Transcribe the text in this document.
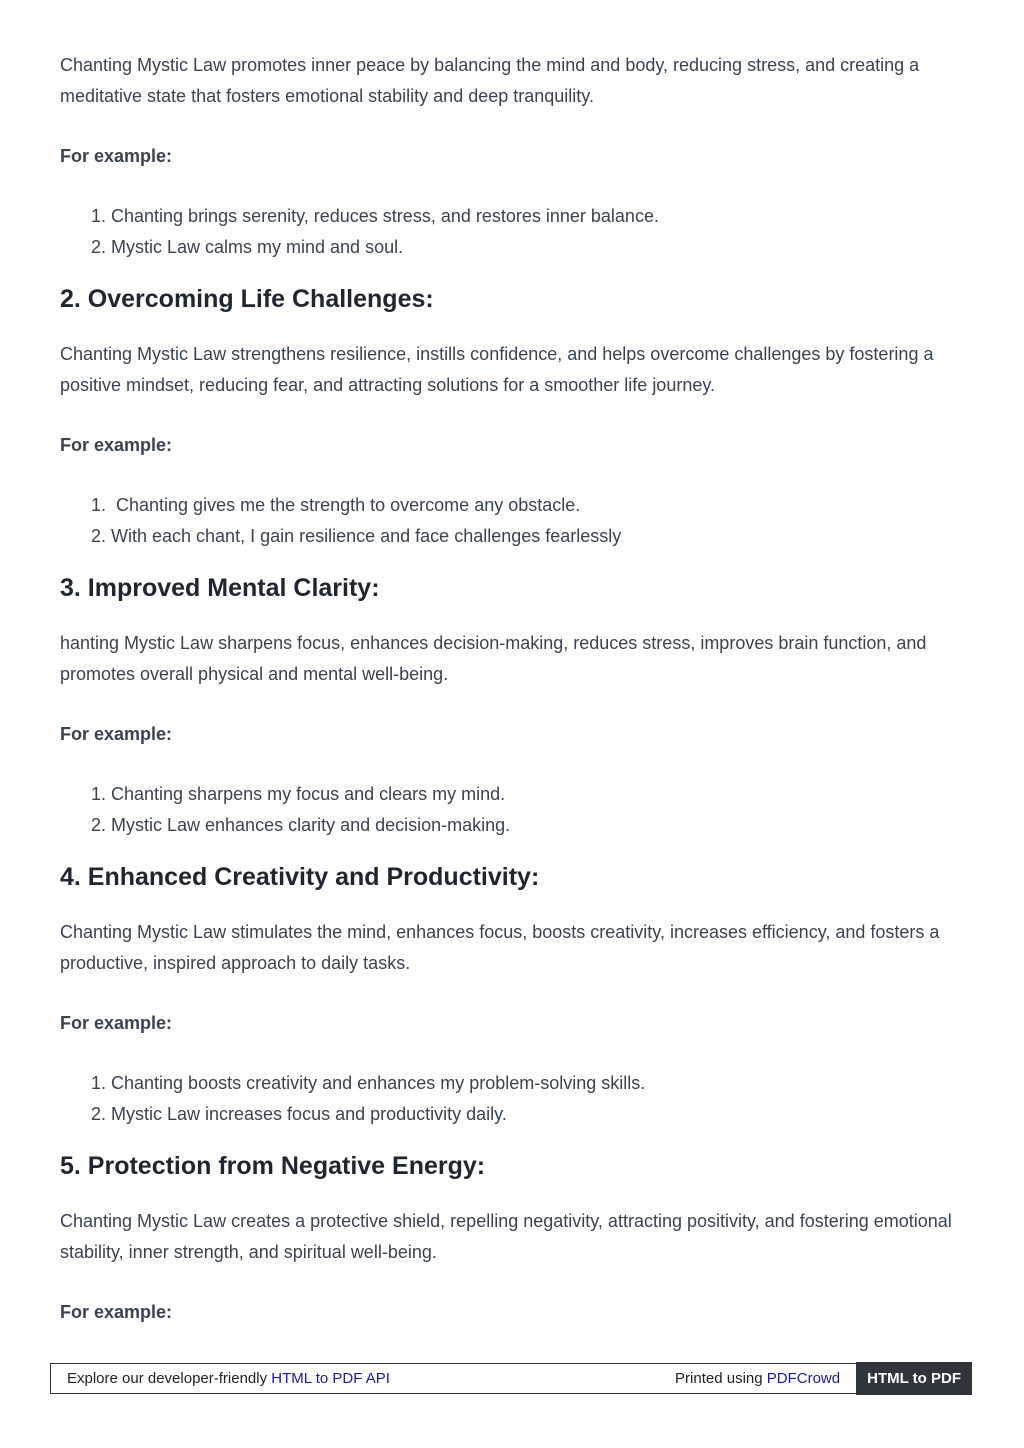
Chanting Mystic Law promotes inner peace by balancing the mind and body, reducing stress, and creating a meditative state that fosters emotional stability and deep tranquility.

For example:

1. Chanting brings serenity, reduces stress, and restores inner balance.
2. Mystic Law calms my mind and soul.
2. Overcoming Life Challenges:

Chanting Mystic Law strengthens resilience, instills confidence, and helps overcome challenges by fostering a positive mindset, reducing fear, and attracting solutions for a smoother life journey.

For example:

1.  Chanting gives me the strength to overcome any obstacle.
2. With each chant, I gain resilience and face challenges fearlessly
3. Improved Mental Clarity:

hanting Mystic Law sharpens focus, enhances decision-making, reduces stress, improves brain function, and promotes overall physical and mental well-being.

For example:

1. Chanting sharpens my focus and clears my mind.
2. Mystic Law enhances clarity and decision-making.
4. Enhanced Creativity and Productivity:

Chanting Mystic Law stimulates the mind, enhances focus, boosts creativity, increases efficiency, and fosters a productive, inspired approach to daily tasks.

For example:

1. Chanting boosts creativity and enhances my problem-solving skills.
2. Mystic Law increases focus and productivity daily.
5. Protection from Negative Energy:

Chanting Mystic Law creates a protective shield, repelling negativity, attracting positivity, and fostering emotional stability, inner strength, and spiritual well-being.

For example:

Explore our developer-friendly HTML to PDF API	Printed using PDFCrowd	HTML to PDF
